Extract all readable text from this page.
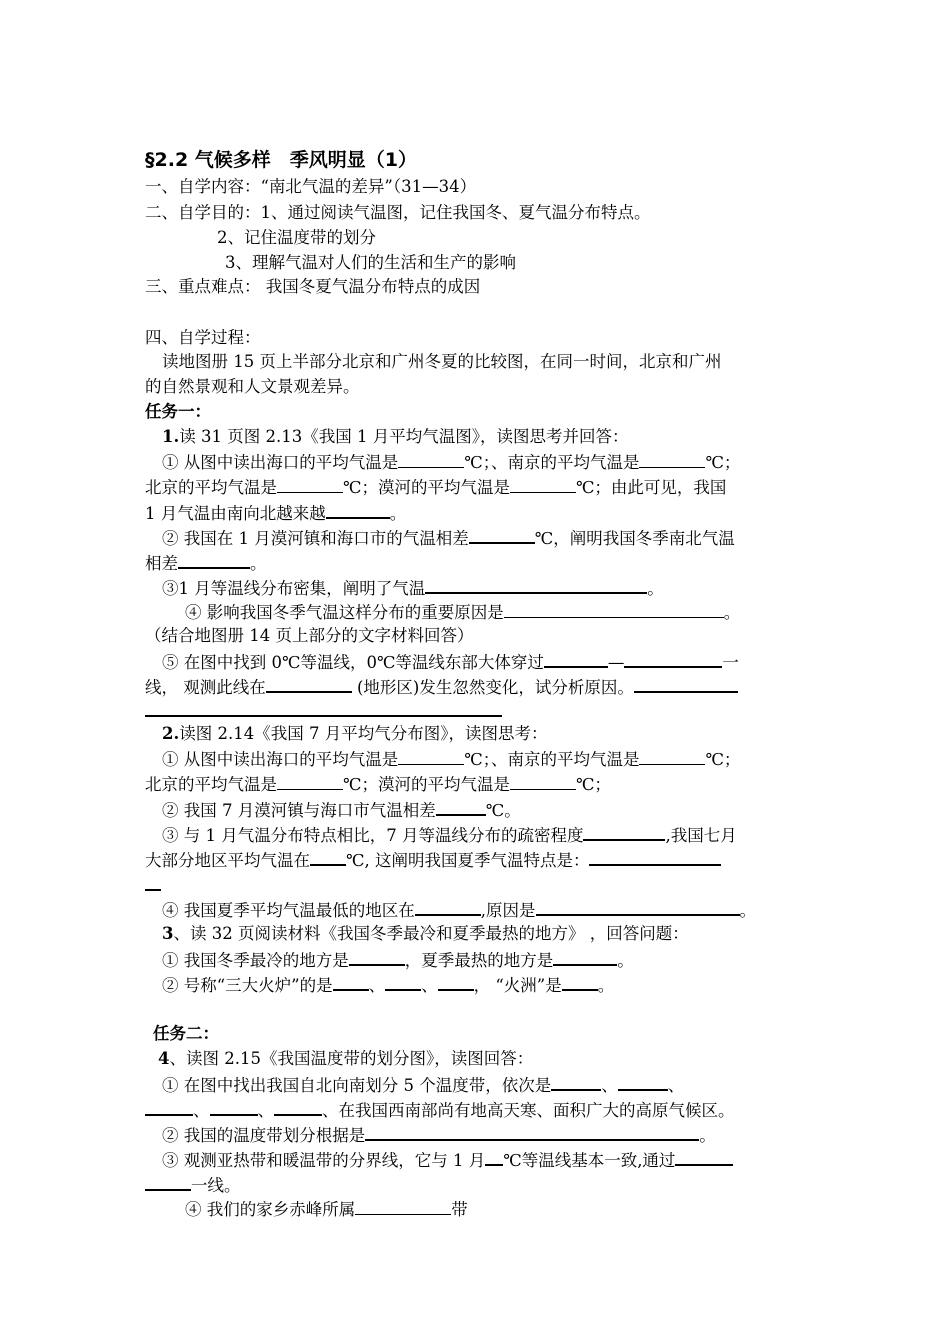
§2.2 气候多样　季风明显（1）
一、自学内容：“南北气温的差异”（31—34）
二、自学目的：1、通过阅读气温图，记住我国冬、夏气温分布特点。
2、记住温度带的划分
3、理解气温对人们的生活和生产的影响
三、重点难点： 我国冬夏气温分布特点的成因
四、自学过程：
读地图册 15 页上半部分北京和广州冬夏的比较图，在同一时间，北京和广州
的自然景观和人文景观差异。
任务一：
1.读 31 页图 2.13《我国 1 月平均气温图》，读图思考并回答：
① 从图中读出海口的平均气温是	℃；、南京的平均气温是	℃；
北京的平均气温是	℃；漠河的平均气温是	℃；由此可见，我国
1 月气温由南向北越来越	。
② 我国在 1 月漠河镇和海口市的气温相差	℃，阐明我国冬季南北气温
相差	。
③1 月等温线分布密集，阐明了气温	。
④ 影响我国冬季气温这样分布的重要原因是	。
（结合地图册 14 页上部分的文字材料回答）
⑤ 在图中找到 0℃等温线，0℃等温线东部大体穿过	—	一
线， 观测此线在	(地形区)发生忽然变化，试分析原因。
2.读图 2.14《我国 7 月平均气分布图》，读图思考：
① 从图中读出海口的平均气温是	℃；、南京的平均气温是	℃；
北京的平均气温是	℃；漠河的平均气温是	℃；
② 我国 7 月漠河镇与海口市气温相差	℃。
③ 与 1 月气温分布特点相比，7 月等温线分布的疏密程度	,我国七月
大部分地区平均气温在 ℃, 这阐明我国夏季气温特点是：
④ 我国夏季平均气温最低的地区在	,原因是	。
3、读 32 页阅读材料《我国冬季最冷和夏季最热的地方》 ，回答问题：
① 我国冬季最冷的地方是	，夏季最热的地方是	。
② 号称“三大火炉”的是 、 、 ， “火洲”是 。
任务二：
4、读图 2.15《我国温度带的划分图》，读图回答：
① 在图中找出我国自北向南划分 5 个温度带，依次是	、	、
、	、	、在我国西南部尚有地高天寒、面积广大的高原气候区。
② 我国的温度带划分根据是	。
③ 观测亚热带和暖温带的分界线，它与 1 月 ℃等温线基本一致,通过
一线。
④ 我们的家乡赤峰所属	带
